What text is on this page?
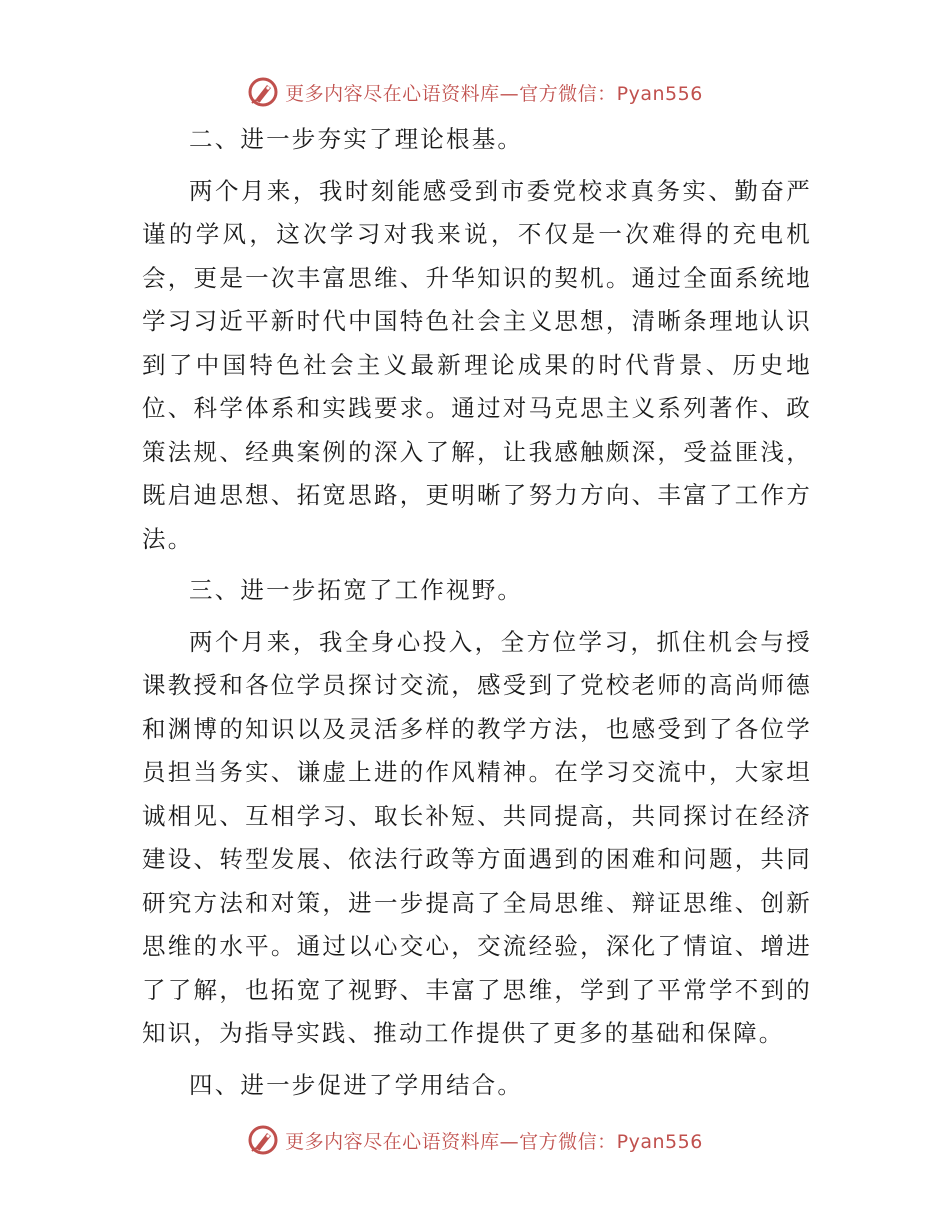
更多内容尽在心语资料库—官方微信：Pyan556

二、进一步夯实了理论根基。

两个月来，我时刻能感受到市委党校求真务实、勤奋严谨的学风，这次学习对我来说，不仅是一次难得的充电机会，更是一次丰富思维、升华知识的契机。通过全面系统地学习习近平新时代中国特色社会主义思想，清晰条理地认识到了中国特色社会主义最新理论成果的时代背景、历史地位、科学体系和实践要求。通过对马克思主义系列著作、政策法规、经典案例的深入了解，让我感触颇深，受益匪浅，既启迪思想、拓宽思路，更明晰了努力方向、丰富了工作方法。

三、进一步拓宽了工作视野。

两个月来，我全身心投入，全方位学习，抓住机会与授课教授和各位学员探讨交流，感受到了党校老师的高尚师德和渊博的知识以及灵活多样的教学方法，也感受到了各位学员担当务实、谦虚上进的作风精神。在学习交流中，大家坦诚相见、互相学习、取长补短、共同提高，共同探讨在经济建设、转型发展、依法行政等方面遇到的困难和问题，共同研究方法和对策，进一步提高了全局思维、辩证思维、创新思维的水平。通过以心交心，交流经验，深化了情谊、增进了了解，也拓宽了视野、丰富了思维，学到了平常学不到的知识，为指导实践、推动工作提供了更多的基础和保障。

四、进一步促进了学用结合。

更多内容尽在心语资料库—官方微信：Pyan556
